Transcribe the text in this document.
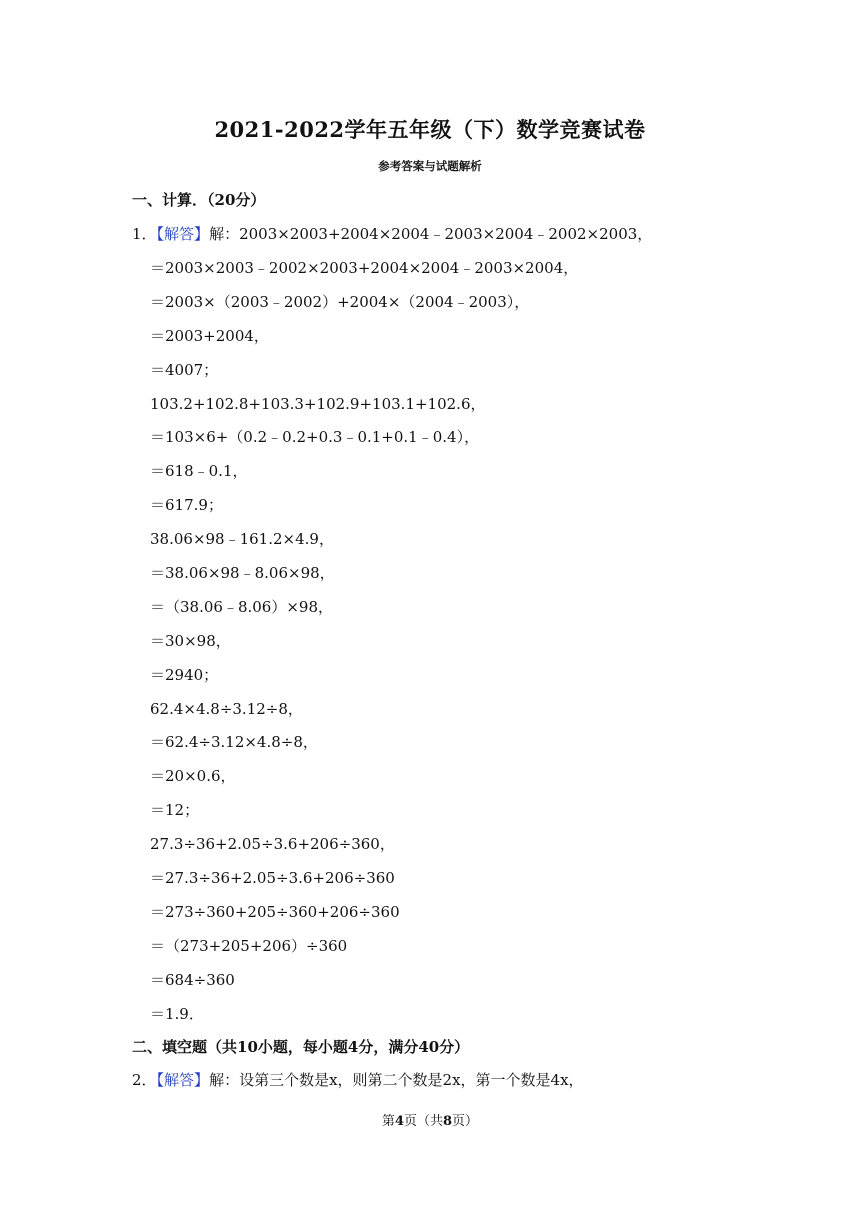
2021-2022学年五年级（下）数学竞赛试卷
参考答案与试题解析
一、计算．（20分）
1．【解答】解：2003×2003+2004×2004﹣2003×2004﹣2002×2003，
＝2003×2003﹣2002×2003+2004×2004﹣2003×2004，
＝2003×（2003﹣2002）+2004×（2004﹣2003），
＝2003+2004，
＝4007；
103.2+102.8+103.3+102.9+103.1+102.6，
＝103×6+（0.2﹣0.2+0.3﹣0.1+0.1﹣0.4），
＝618﹣0.1，
＝617.9；
38.06×98﹣161.2×4.9，
＝38.06×98﹣8.06×98，
＝（38.06﹣8.06）×98，
＝30×98，
＝2940；
62.4×4.8÷3.12÷8，
＝62.4÷3.12×4.8÷8，
＝20×0.6，
＝12；
27.3÷36+2.05÷3.6+206÷360，
＝27.3÷36+2.05÷3.6+206÷360
＝273÷360+205÷360+206÷360
＝（273+205+206）÷360
＝684÷360
＝1.9．
二、填空题（共10小题，每小题4分，满分40分）
2．【解答】解：设第三个数是x，则第二个数是2x，第一个数是4x，
第4页（共8页）
